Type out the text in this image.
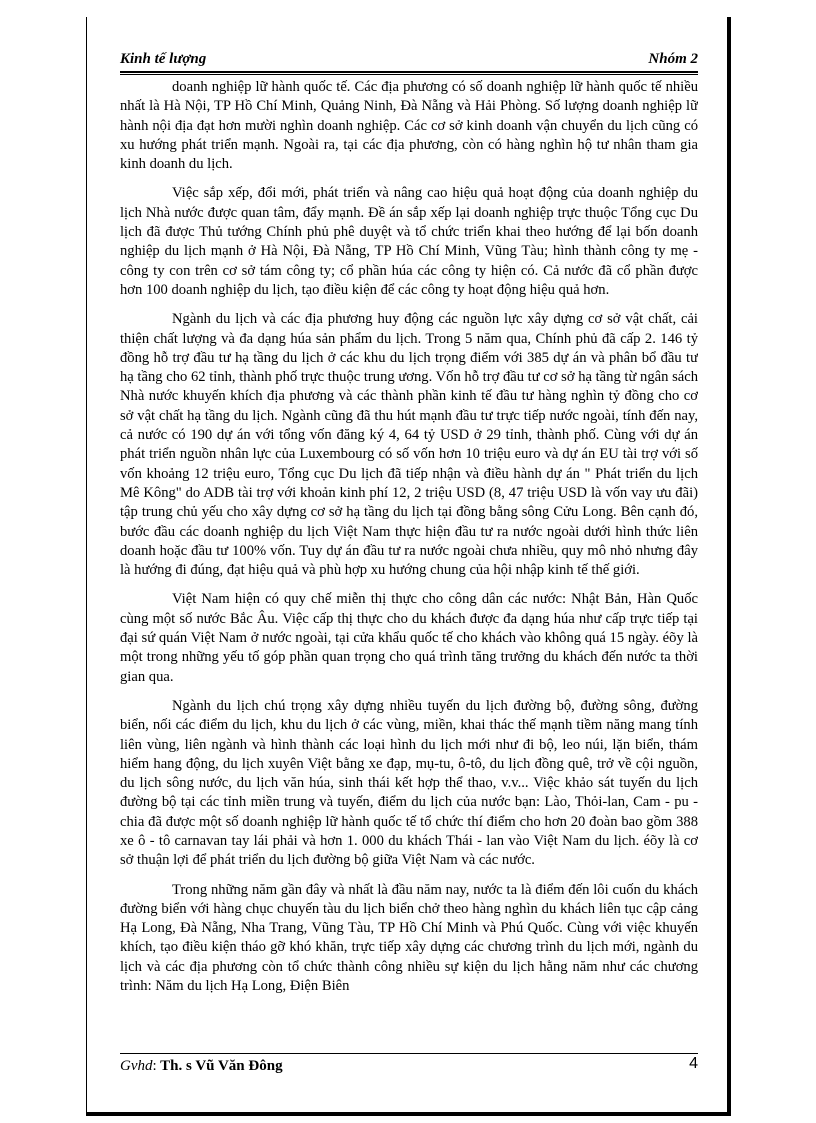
Kinh tế lượng	Nhóm 2

doanh nghiệp lữ hành quốc tế. Các địa phương có số doanh nghiệp lữ hành quốc tế nhiều nhất là Hà Nội, TP Hồ Chí Minh, Quảng Ninh, Đà Nẵng và Hải Phòng. Số lượng doanh nghiệp lữ hành nội địa đạt hơn mười nghìn doanh nghiệp. Các cơ sở kinh doanh vận chuyển du lịch cũng có xu hướng phát triển mạnh. Ngoài ra, tại các địa phương, còn có hàng nghìn hộ tư nhân tham gia kinh doanh du lịch.

Việc sắp xếp, đổi mới, phát triển và nâng cao hiệu quả hoạt động của doanh nghiệp du lịch Nhà nước được quan tâm, đẩy mạnh. Đề án sắp xếp lại doanh nghiệp trực thuộc Tổng cục Du lịch đã được Thủ tướng Chính phủ phê duyệt và tổ chức triển khai theo hướng để lại bốn doanh nghiệp du lịch mạnh ở Hà Nội, Đà Nẵng, TP Hồ Chí Minh, Vũng Tàu; hình thành công ty mẹ - công ty con trên cơ sở tám công ty; cổ phần húa các công ty hiện có. Cả nước đã cổ phần được hơn 100 doanh nghiệp du lịch, tạo điều kiện để các công ty hoạt động hiệu quả hơn.

Ngành du lịch và các địa phương huy động các nguồn lực xây dựng cơ sở vật chất, cải thiện chất lượng và đa dạng húa sản phẩm du lịch. Trong 5 năm qua, Chính phủ đã cấp 2. 146 tỷ đồng hỗ trợ đầu tư hạ tầng du lịch ở các khu du lịch trọng điểm với 385 dự án và phân bổ đầu tư hạ tầng cho 62 tỉnh, thành phố trực thuộc trung ương. Vốn hỗ trợ đầu tư cơ sở hạ tầng từ ngân sách Nhà nước khuyến khích địa phương và các thành phần kinh tế đầu tư hàng nghìn tỷ đồng cho cơ sở vật chất hạ tầng du lịch. Ngành cũng đã thu hút mạnh đầu tư trực tiếp nước ngoài, tính đến nay, cả nước có 190 dự án với tổng vốn đăng ký 4, 64 tỷ USD ở 29 tỉnh, thành phố. Cùng với dự án phát triển nguồn nhân lực của Luxembourg có số vốn hơn 10 triệu euro và dự án EU tài trợ với số vốn khoảng 12 triệu euro, Tổng cục Du lịch đã tiếp nhận và điều hành dự án " Phát triển du lịch Mê Kông" do ADB tài trợ với khoản kinh phí 12, 2 triệu USD (8, 47 triệu USD là vốn vay ưu đãi) tập trung chủ yếu cho xây dựng cơ sở hạ tầng du lịch tại đồng bằng sông Cửu Long. Bên cạnh đó, bước đầu các doanh nghiệp du lịch Việt Nam thực hiện đầu tư ra nước ngoài dưới hình thức liên doanh hoặc đầu tư 100% vốn. Tuy dự án đầu tư ra nước ngoài chưa nhiều, quy mô nhỏ nhưng đây là hướng đi đúng, đạt hiệu quả và phù hợp xu hướng chung của hội nhập kinh tế thế giới.

Việt Nam hiện có quy chế miễn thị thực cho công dân các nước: Nhật Bản, Hàn Quốc cùng một số nước Bắc Âu. Việc cấp thị thực cho du khách được đa dạng húa như cấp trực tiếp tại đại sứ quán Việt Nam ở nước ngoài, tại cửa khẩu quốc tế cho khách vào không quá 15 ngày. éõy là một trong những yếu tố góp phần quan trọng cho quá trình tăng trưởng du khách đến nước ta thời gian qua.

Ngành du lịch chú trọng xây dựng nhiều tuyến du lịch đường bộ, đường sông, đường biển, nối các điểm du lịch, khu du lịch ở các vùng, miền, khai thác thế mạnh tiềm năng mang tính liên vùng, liên ngành và hình thành các loại hình du lịch mới như đi bộ, leo núi, lặn biển, thám hiểm hang động, du lịch xuyên Việt bằng xe đạp, mụ-tu, ô-tô, du lịch đồng quê, trở về cội nguồn, du lịch sông nước, du lịch văn húa, sinh thái kết hợp thể thao, v.v... Việc khảo sát tuyến du lịch đường bộ tại các tỉnh miền trung và tuyến, điểm du lịch của nước bạn: Lào, Thỏi-lan, Cam - pu - chia đã được một số doanh nghiệp lữ hành quốc tế tổ chức thí điểm cho hơn 20 đoàn bao gồm 388 xe ô - tô carnavan tay lái phải và hơn 1. 000 du khách Thái - lan vào Việt Nam du lịch. éõy là cơ sở thuận lợi để phát triển du lịch đường bộ giữa Việt Nam và các nước.

Trong những năm gần đây và nhất là đầu năm nay, nước ta là điểm đến lôi cuốn du khách đường biển với hàng chục chuyến tàu du lịch biển chở theo hàng nghìn du khách liên tục cập cảng Hạ Long, Đà Nẵng, Nha Trang, Vũng Tàu, TP Hồ Chí Minh và Phú Quốc. Cùng với việc khuyến khích, tạo điều kiện tháo gỡ khó khăn, trực tiếp xây dựng các chương trình du lịch mới, ngành du lịch và các địa phương còn tổ chức thành công nhiều sự kiện du lịch hằng năm như các chương trình: Năm du lịch Hạ Long, Điện Biên

Gvhd: Th. s Vũ Văn Đông	4
